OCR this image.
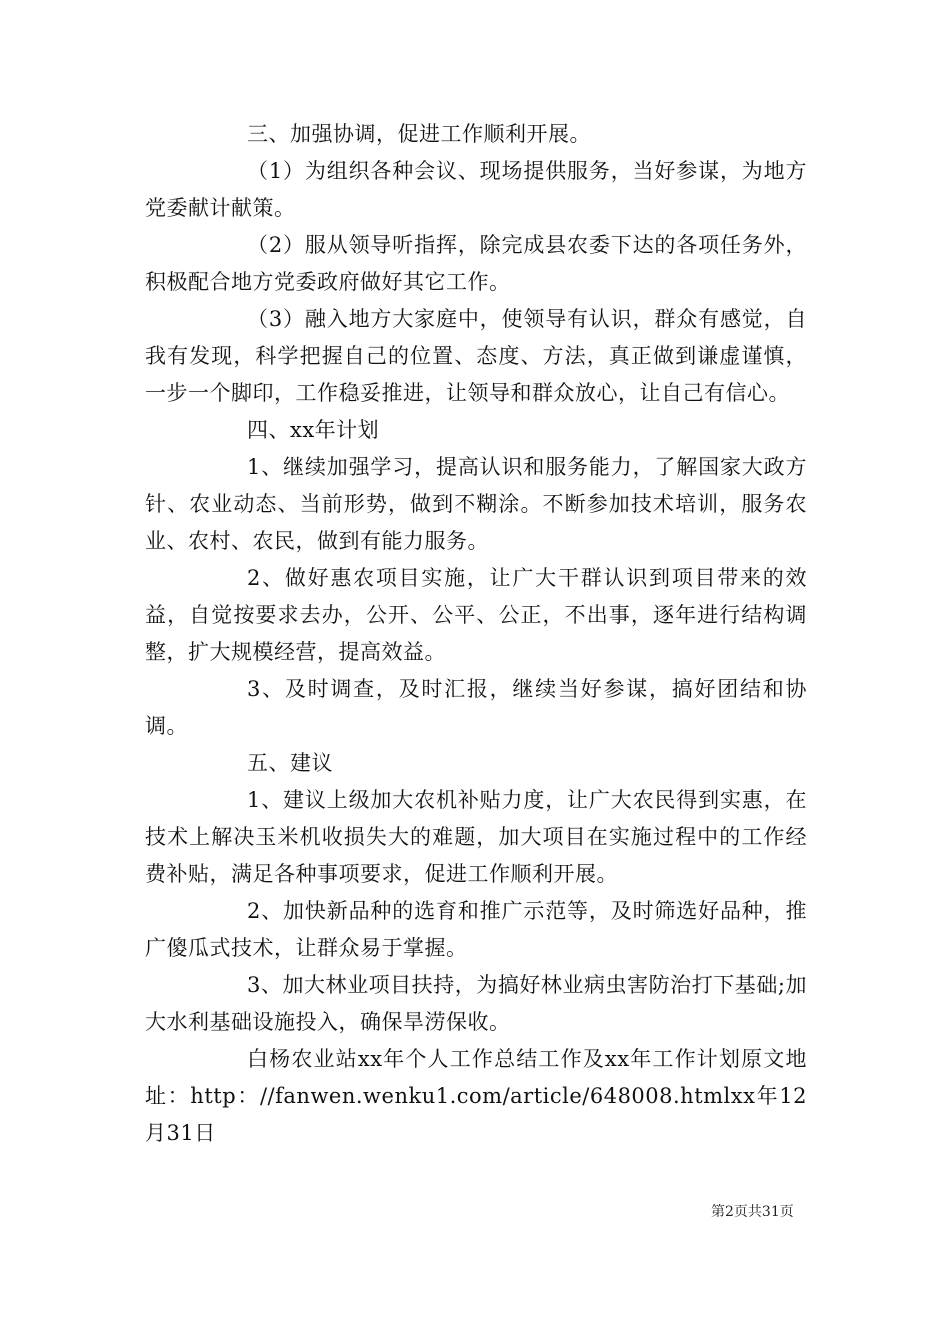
三、加强协调，促进工作顺利开展。

（1）为组织各种会议、现场提供服务，当好参谋，为地方党委献计献策。

（2）服从领导听指挥，除完成县农委下达的各项任务外，积极配合地方党委政府做好其它工作。

（3）融入地方大家庭中，使领导有认识，群众有感觉，自我有发现，科学把握自己的位置、态度、方法，真正做到谦虚谨慎，一步一个脚印，工作稳妥推进，让领导和群众放心，让自己有信心。

四、xx年计划

1、继续加强学习，提高认识和服务能力，了解国家大政方针、农业动态、当前形势，做到不糊涂。不断参加技术培训，服务农业、农村、农民，做到有能力服务。

2、做好惠农项目实施，让广大干群认识到项目带来的效益，自觉按要求去办，公开、公平、公正，不出事，逐年进行结构调整，扩大规模经营，提高效益。

3、及时调查，及时汇报，继续当好参谋，搞好团结和协调。

五、建议

1、建议上级加大农机补贴力度，让广大农民得到实惠，在技术上解决玉米机收损失大的难题，加大项目在实施过程中的工作经费补贴，满足各种事项要求，促进工作顺利开展。

2、加快新品种的选育和推广示范等，及时筛选好品种，推广傻瓜式技术，让群众易于掌握。

3、加大林业项目扶持，为搞好林业病虫害防治打下基础;加大水利基础设施投入，确保旱涝保收。

白杨农业站xx年个人工作总结工作及xx年工作计划原文地址：http：//fanwen.wenku1.com/article/648008.htmlxx年12月31日

第2页共31页
